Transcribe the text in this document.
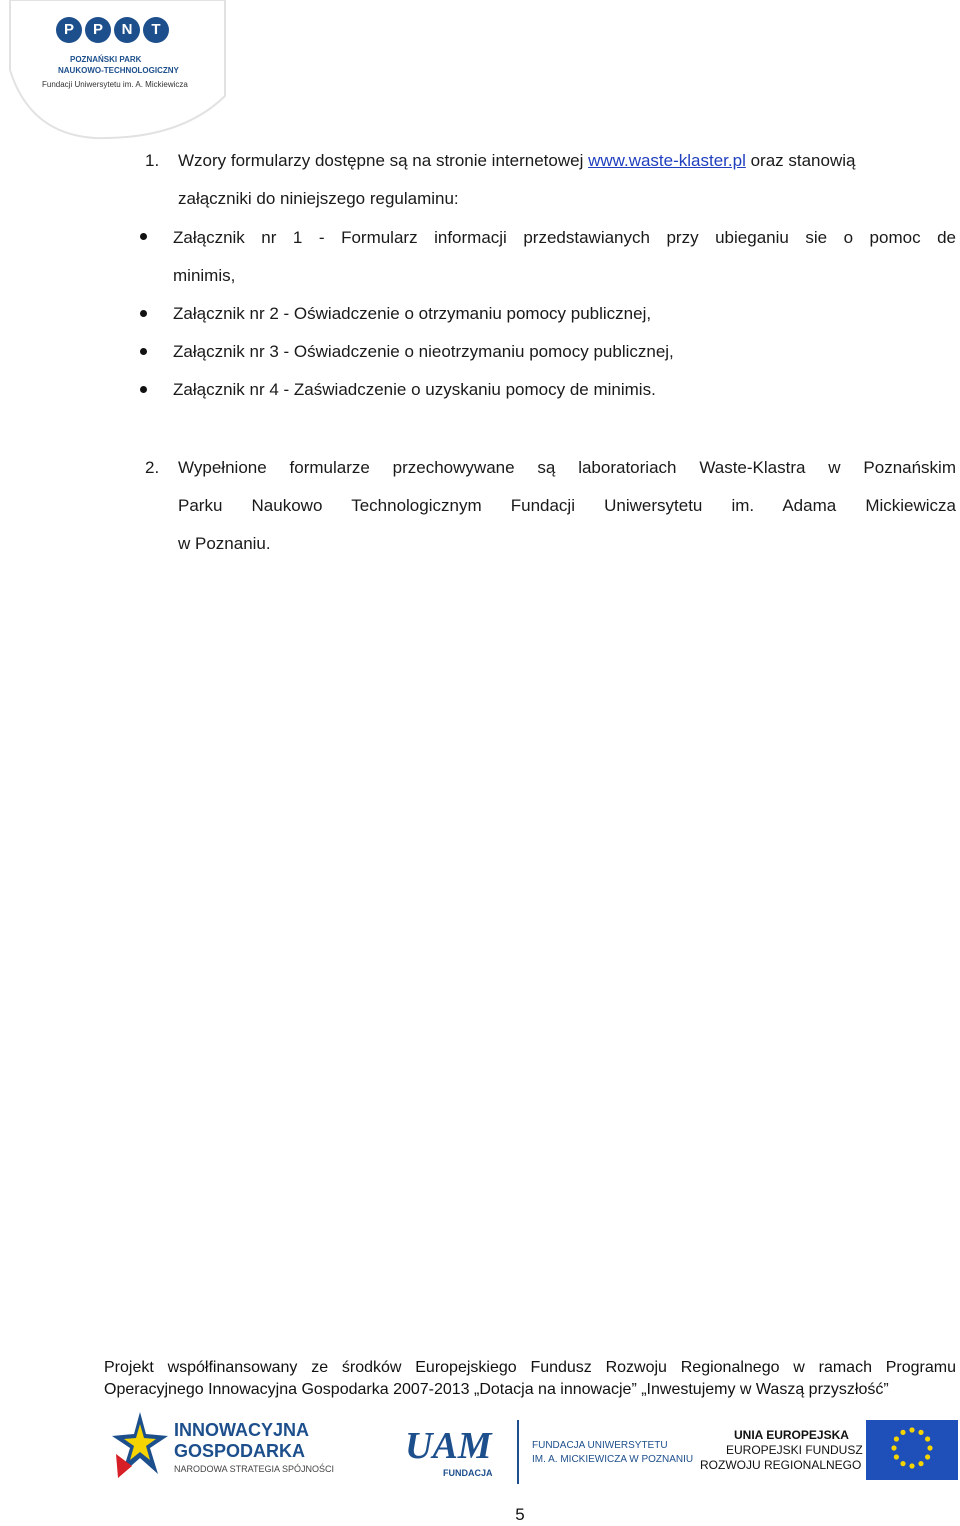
P	P	N	T
POZNAŃSKI PARK
NAUKOWO-TECHNOLOGICZNY
Fundacji Uniwersytetu im. A. Mickiewicza
1. Wzory formularzy dostępne są na stronie internetowej www.waste-klaster.pl oraz stanowią
załączniki do niniejszego regulaminu:
Załącznik nr 1 - Formularz informacji przedstawianych przy ubieganiu sie o pomoc de
minimis,
Załącznik nr 2 - Oświadczenie o otrzymaniu pomocy publicznej,
Załącznik nr 3 - Oświadczenie o nieotrzymaniu pomocy publicznej,
Załącznik nr 4 - Zaświadczenie o uzyskaniu pomocy de minimis.
2. Wypełnione formularze przechowywane są laboratoriach Waste-Klastra w Poznańskim
Parku Naukowo Technologicznym Fundacji Uniwersytetu im. Adama Mickiewicza
w Poznaniu.
Projekt współfinansowany ze środków Europejskiego Fundusz Rozwoju Regionalnego w ramach Programu
Operacyjnego Innowacyjna Gospodarka 2007-2013 „Dotacja na innowacje” „Inwestujemy w Waszą przyszłość”
INNOWACYJNA
GOSPODARKA
NARODOWA STRATEGIA SPÓJNOŚCI
UAM
FUNDACJA
FUNDACJA UNIWERSYTETU
IM. A. MICKIEWICZA W POZNANIU
UNIA EUROPEJSKA
EUROPEJSKI FUNDUSZ
ROZWOJU REGIONALNEGO
5
